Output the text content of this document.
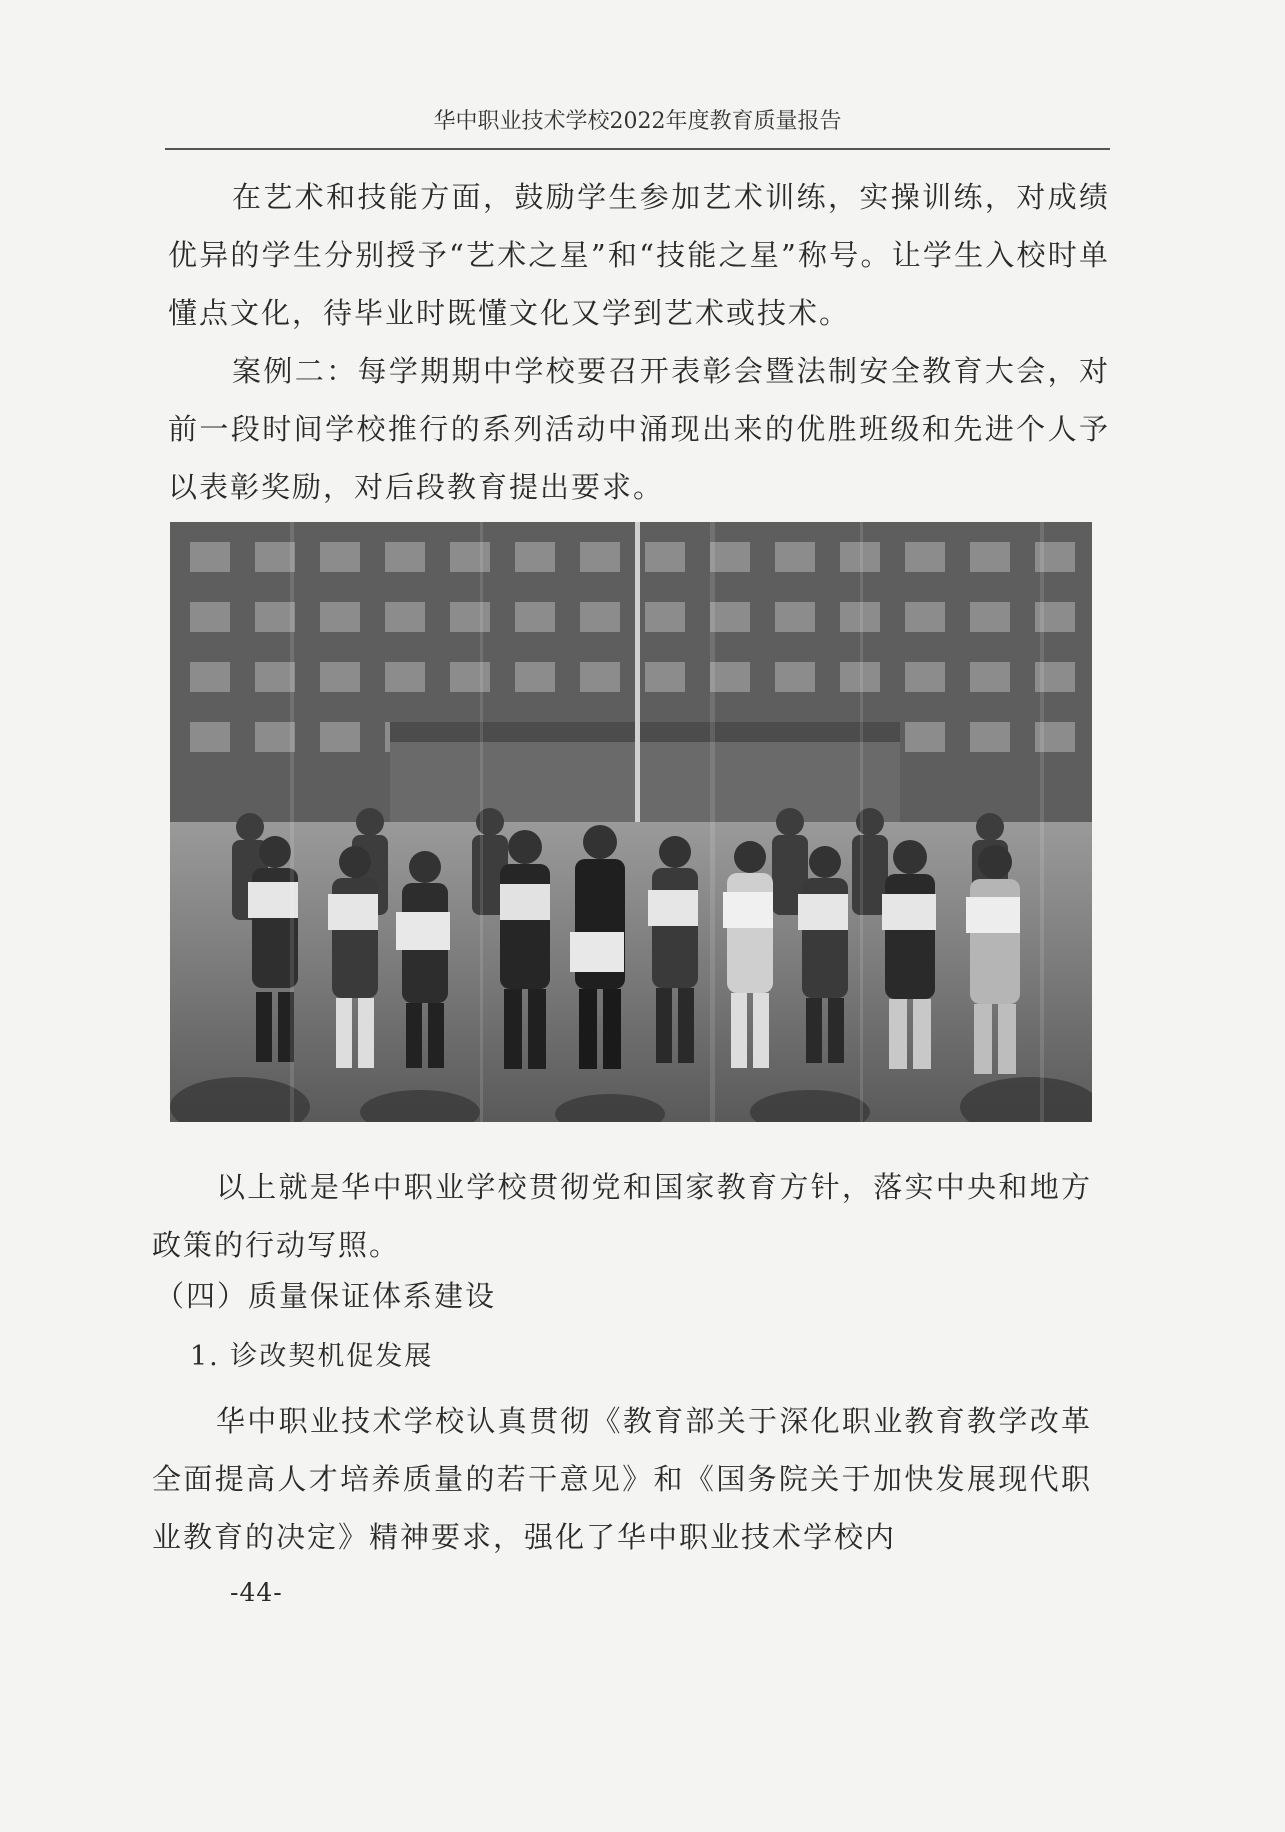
华中职业技术学校2022年度教育质量报告

在艺术和技能方面，鼓励学生参加艺术训练，实操训练，对成绩优异的学生分别授予“艺术之星”和“技能之星”称号。让学生入校时单懂点文化，待毕业时既懂文化又学到艺术或技术。

案例二：每学期期中学校要召开表彰会暨法制安全教育大会，对前一段时间学校推行的系列活动中涌现出来的优胜班级和先进个人予以表彰奖励，对后段教育提出要求。

以上就是华中职业学校贯彻党和国家教育方针，落实中央和地方政策的行动写照。

（四）质量保证体系建设
1. 诊改契机促发展

华中职业技术学校认真贯彻《教育部关于深化职业教育教学改革全面提高人才培养质量的若干意见》和《国务院关于加快发展现代职业教育的决定》精神要求，强化了华中职业技术学校内

-44-
